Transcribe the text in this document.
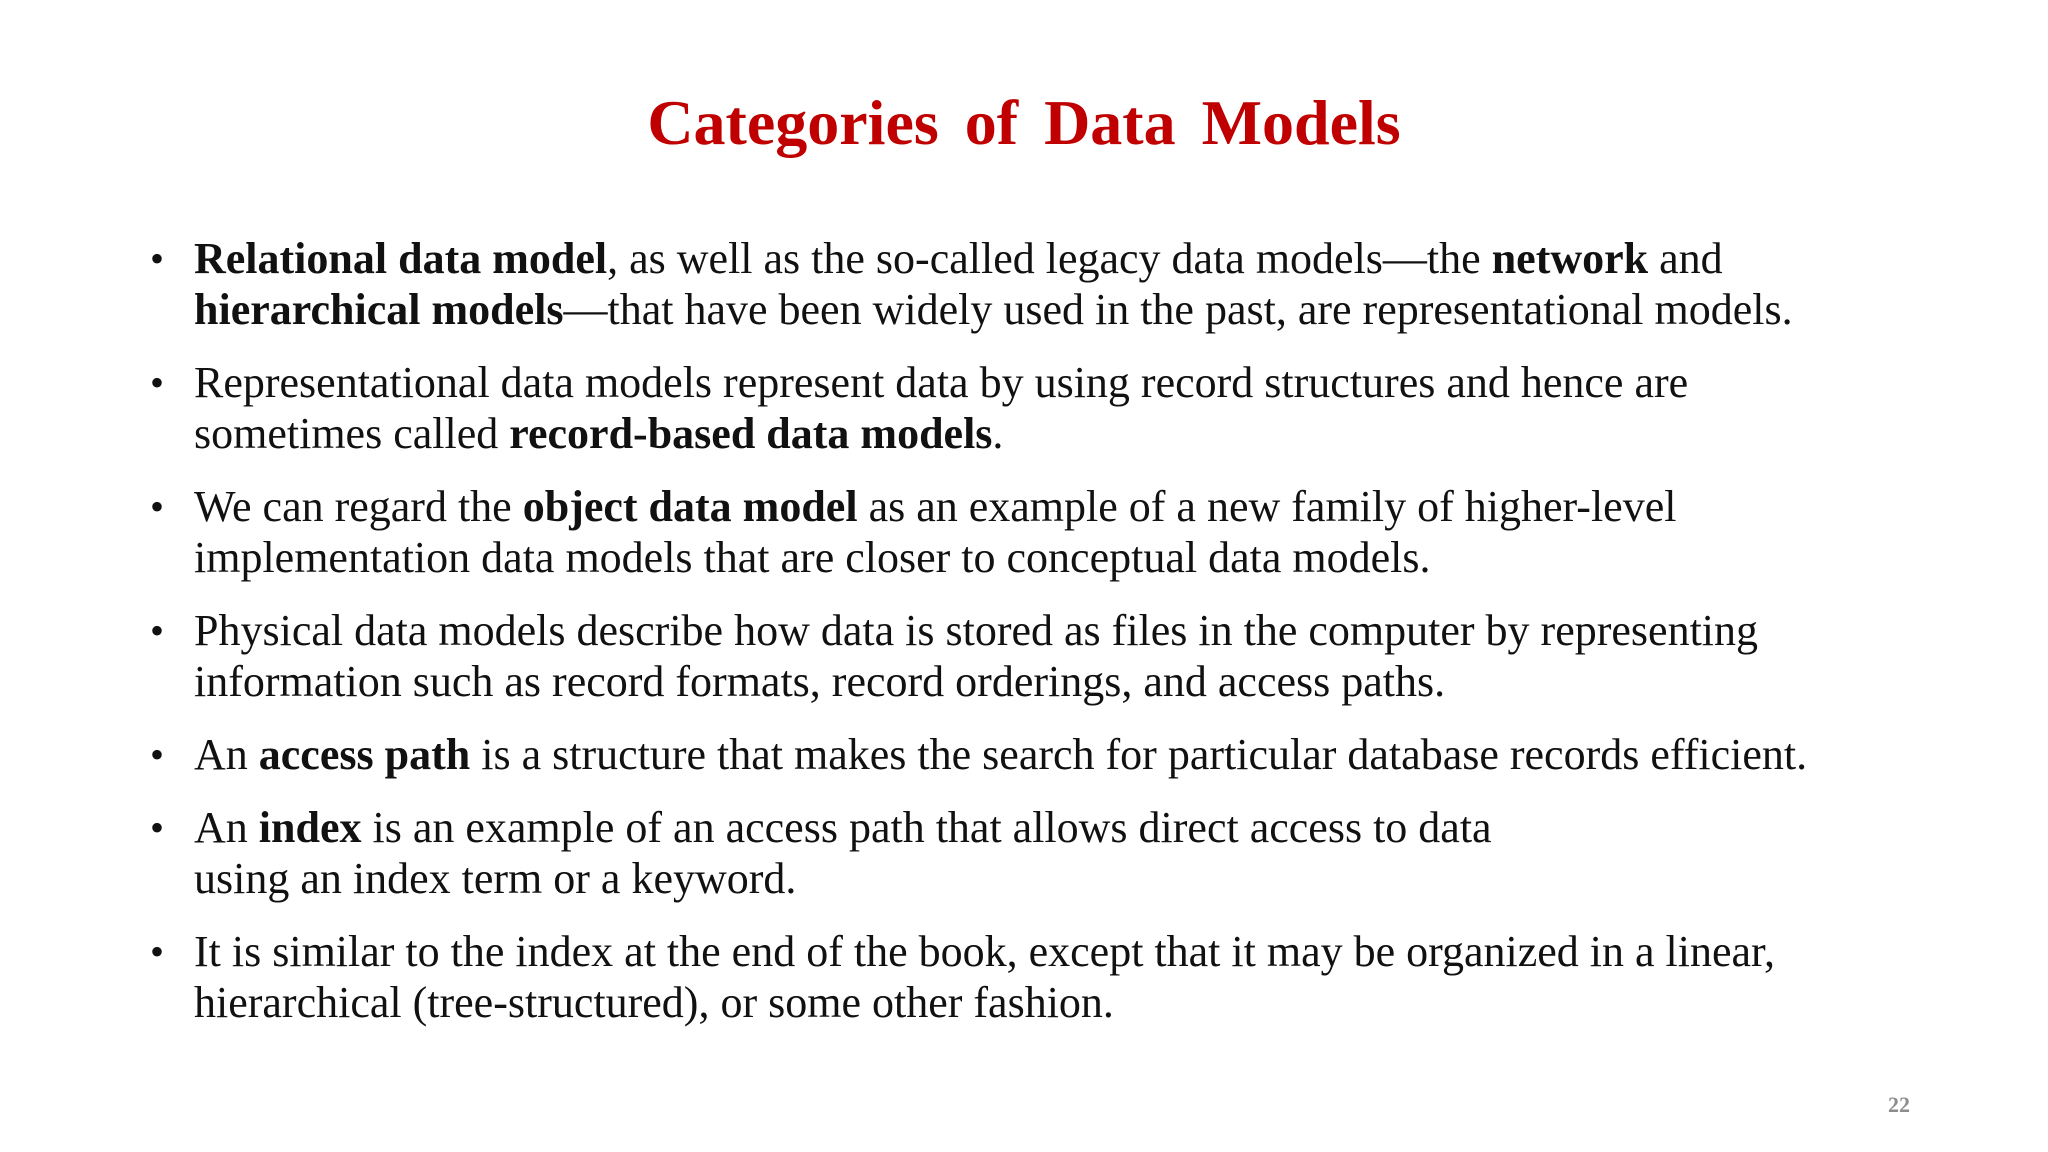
Categories of Data Models
• Relational data model, as well as the so-called legacy data models—the network and
hierarchical models—that have been widely used in the past, are representational models.
• Representational data models represent data by using record structures and hence are
sometimes called record-based data models.
• We can regard the object data model as an example of a new family of higher-level
implementation data models that are closer to conceptual data models.
• Physical data models describe how data is stored as files in the computer by representing
information such as record formats, record orderings, and access paths.
• An access path is a structure that makes the search for particular database records efficient.
• An index is an example of an access path that allows direct access to data
using an index term or a keyword.
• It is similar to the index at the end of the book, except that it may be organized in a linear,
hierarchical (tree-structured), or some other fashion.
22
